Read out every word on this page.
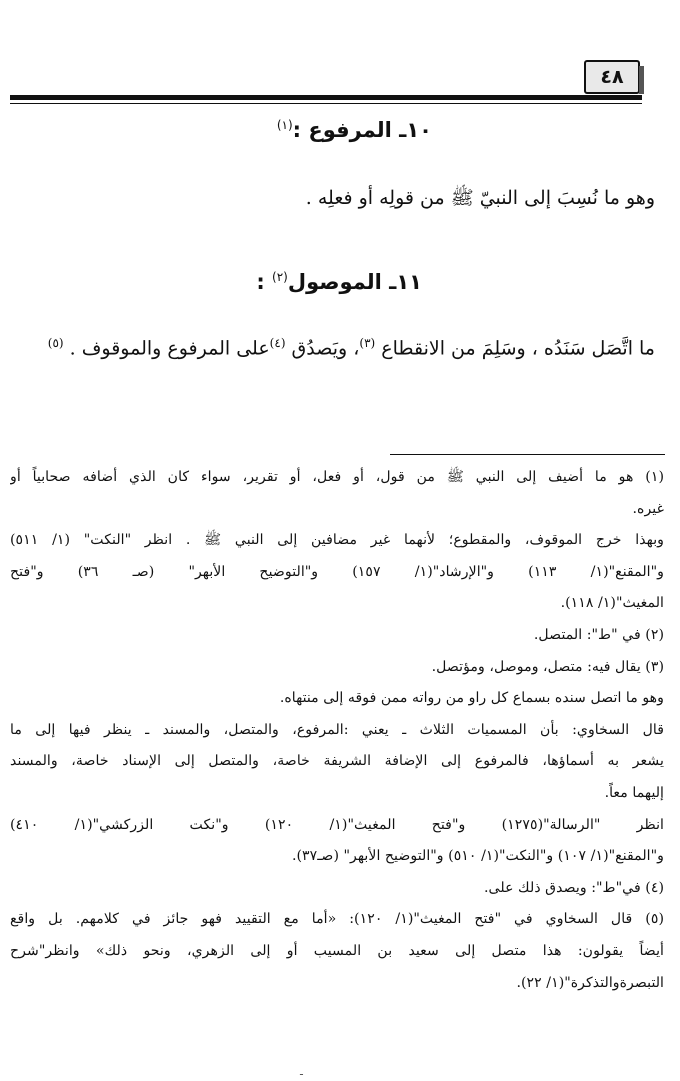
٤٨
١٠ـ المرفوع :$^{(١)}$
وهو ما نُسِبَ إلى النبيّ ﷺ من قولِه أو فعلِه .
١١ـ الموصول$^{(٢)}$ :
ما اتَّصَل سَنَدُه ، وسَلِمَ من الانقطاع $^{(٣)}$، ويَصدُق $^{(٤)}$على المرفوع والموقوف . $^{(٥)}$
(١) هو ما أضيف إلى النبي ﷺ من قول، أو فعل، أو تقرير، سواء كان الذي أضافه صحابياً أو
غيره.
وبهذا خرج الموقوف، والمقطوع؛ لأنهما غير مضافين إلى النبي ﷺ . انظر "النكت" (١/ ٥١١)
و"المقنع"(١/ ١١٣) و"الإرشاد"(١/ ١٥٧) و"التوضيح الأبهر" (صـ ٣٦) و"فتح
المغيث"(١/ ١١٨).
(٢) في "ط": المتصل.
(٣) يقال فيه: متصل، وموصل، ومؤتصل.
وهو ما اتصل سنده بسماع كل راو من رواته ممن فوقه إلى منتهاه.
قال السخاوي: بأن المسميات الثلاث ـ يعني :المرفوع، والمتصل، والمسند ـ ينظر فيها إلى ما
يشعر به أسماؤها، فالمرفوع إلى الإضافة الشريفة خاصة، والمتصل إلى الإسناد خاصة، والمسند
إليهما معاً.
انظر "الرسالة"(١٢٧٥) و"فتح المغيث"(١/ ١٢٠) و"نكت الزركشي"(١/ ٤١٠)
و"المقنع"(١/ ١٠٧) و"النكت"(١/ ٥١٠) و"التوضيح الأبهر" (صـ٣٧).
(٤) في"ط": ويصدق ذلك على.
(٥) قال السخاوي في "فتح المغيث"(١/ ١٢٠): «أما مع التقييد فهو جائز في كلامهم. بل واقع
أيضاً يقولون: هذا متصل إلى سعيد بن المسيب أو إلى الزهري، ونحو ذلك» وانظر"شرح
التبصرةوالتذكرة"(١/ ٢٢).
ـ
